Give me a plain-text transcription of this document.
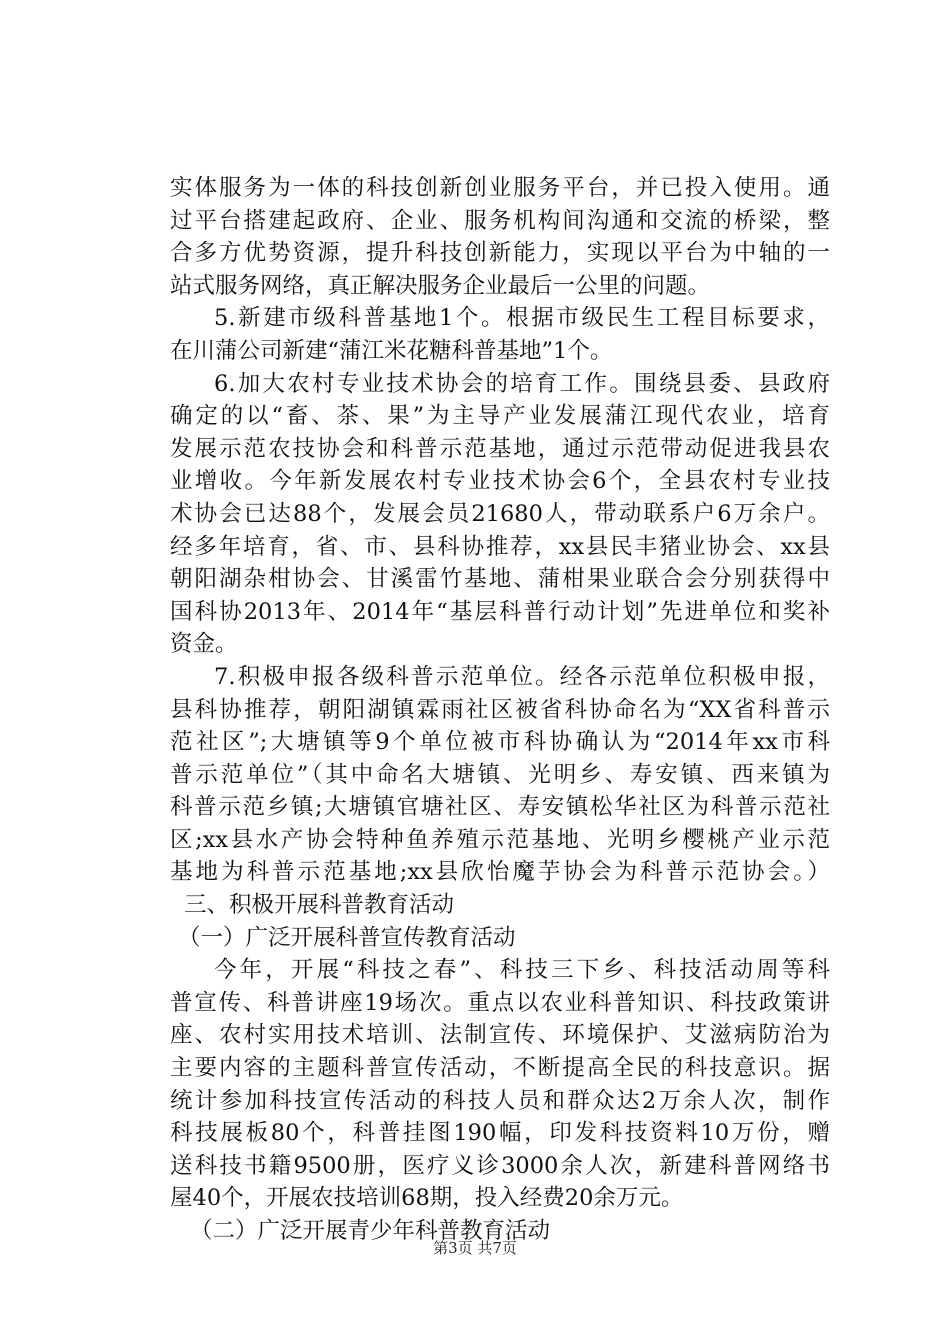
实体服务为一体的科技创新创业服务平台，并已投入使用。通
过平台搭建起政府、企业、服务机构间沟通和交流的桥梁，整
合多方优势资源，提升科技创新能力，实现以平台为中轴的一
站式服务网络，真正解决服务企业最后一公里的问题。
5.新建市级科普基地1个。根据市级民生工程目标要求，
在川蒲公司新建“蒲江米花糖科普基地”1个。
6.加大农村专业技术协会的培育工作。围绕县委、县政府
确定的以“畜、茶、果”为主导产业发展蒲江现代农业，培育
发展示范农技协会和科普示范基地，通过示范带动促进我县农
业增收。今年新发展农村专业技术协会6个，全县农村专业技
术协会已达88个，发展会员21680人，带动联系户6万余户。
经多年培育，省、市、县科协推荐，xx县民丰猪业协会、xx县
朝阳湖杂柑协会、甘溪雷竹基地、蒲柑果业联合会分别获得中
国科协2013年、2014年“基层科普行动计划”先进单位和奖补
资金。
7.积极申报各级科普示范单位。经各示范单位积极申报，
县科协推荐，朝阳湖镇霖雨社区被省科协命名为“XX省科普示
范社区”;大塘镇等9个单位被市科协确认为“2014年xx市科
普示范单位”（其中命名大塘镇、光明乡、寿安镇、西来镇为
科普示范乡镇;大塘镇官塘社区、寿安镇松华社区为科普示范社
区;xx县水产协会特种鱼养殖示范基地、光明乡樱桃产业示范
基地为科普示范基地;xx县欣怡魔芋协会为科普示范协会。）
三、积极开展科普教育活动
（一）广泛开展科普宣传教育活动
今年，开展“科技之春”、科技三下乡、科技活动周等科
普宣传、科普讲座19场次。重点以农业科普知识、科技政策讲
座、农村实用技术培训、法制宣传、环境保护、艾滋病防治为
主要内容的主题科普宣传活动，不断提高全民的科技意识。据
统计参加科技宣传活动的科技人员和群众达2万余人次，制作
科技展板80个，科普挂图190幅，印发科技资料10万份，赠
送科技书籍9500册，医疗义诊3000余人次，新建科普网络书
屋40个，开展农技培训68期，投入经费20余万元。
（二）广泛开展青少年科普教育活动
第3页 共7页
